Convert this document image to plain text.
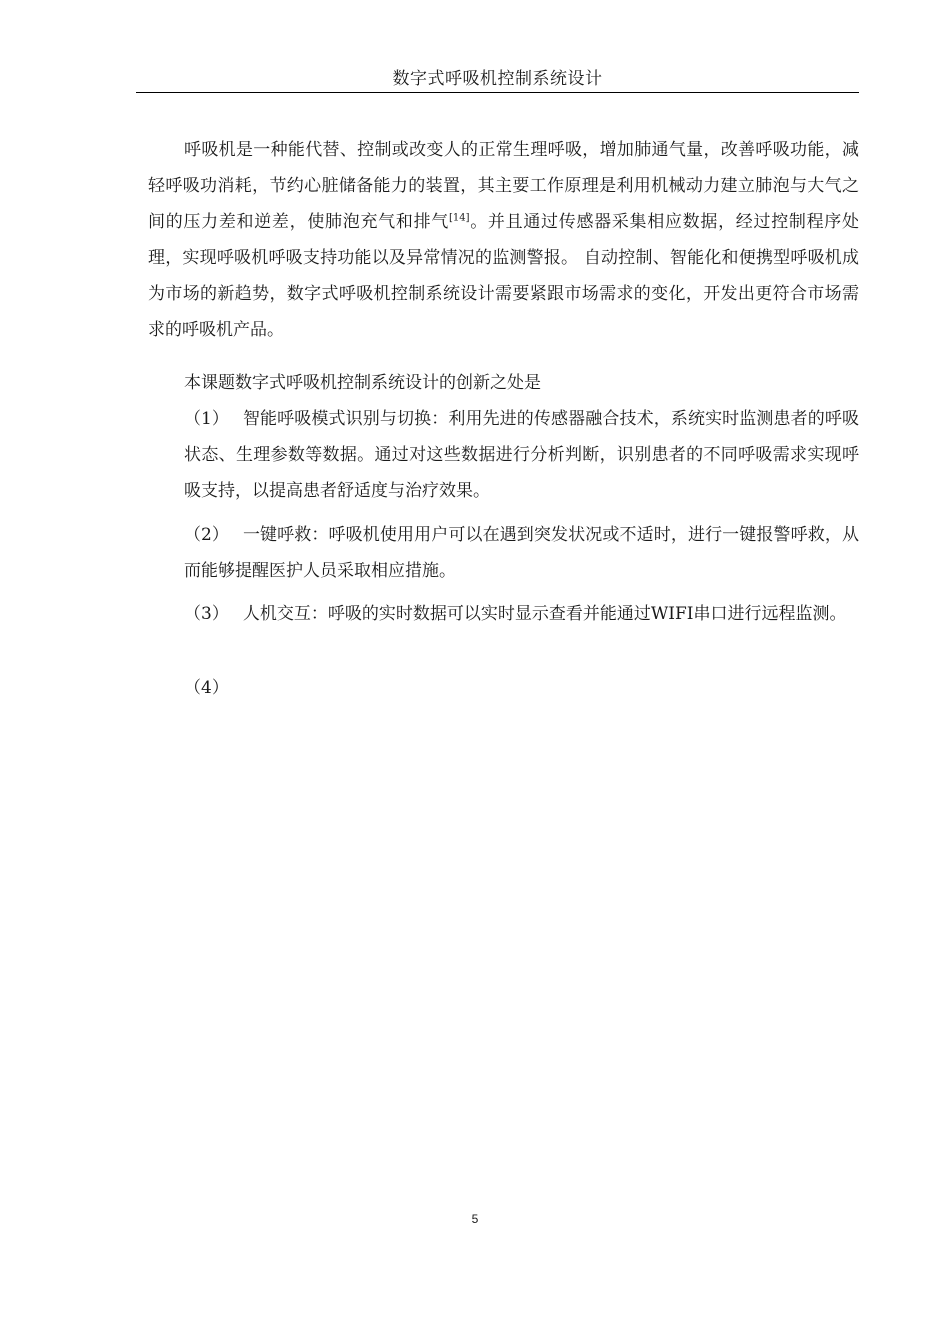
数字式呼吸机控制系统设计

呼吸机是一种能代替、控制或改变人的正常生理呼吸，增加肺通气量，改善呼吸功能，减轻呼吸功消耗，节约心脏储备能力的装置，其主要工作原理是利用机械动力建立肺泡与大气之间的压力差和逆差，使肺泡充气和排气[14]。并且通过传感器采集相应数据，经过控制程序处理，实现呼吸机呼吸支持功能以及异常情况的监测警报。 自动控制、智能化和便携型呼吸机成为市场的新趋势，数字式呼吸机控制系统设计需要紧跟市场需求的变化，开发出更符合市场需求的呼吸机产品。

本课题数字式呼吸机控制系统设计的创新之处是

（1） 智能呼吸模式识别与切换：利用先进的传感器融合技术，系统实时监测患者的呼吸状态、生理参数等数据。通过对这些数据进行分析判断，识别患者的不同呼吸需求实现呼吸支持，以提高患者舒适度与治疗效果。

（2） 一键呼救：呼吸机使用用户可以在遇到突发状况或不适时，进行一键报警呼救，从而能够提醒医护人员采取相应措施。

（3） 人机交互：呼吸的实时数据可以实时显示查看并能通过WIFI串口进行远程监测。

（4）

5
